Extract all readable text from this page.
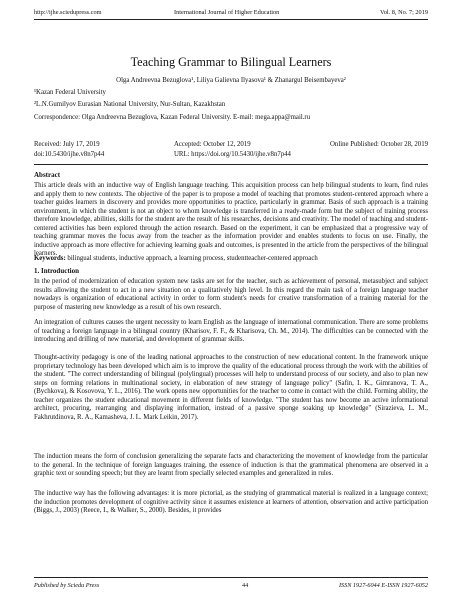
http://ijhe.sciedupress.com	International Journal of Higher Education	Vol. 8, No. 7; 2019
Teaching Grammar to Bilingual Learners
Olga Andreevna Bezuglova¹, Liliya Galievna Ilyasova¹ & Zhanargul Beisembayeva²
¹Kazan Federal University
²L.N.Gumilyov Eurasian National University, Nur-Sultan, Kazakhstan
Correspondence: Olga Andreevna Bezuglova, Kazan Federal University. E-mail: mega.appa@mail.ru
Received: July 17, 2019	Accepted: October 12, 2019	Online Published: October 28, 2019
doi:10.5430/ijhe.v8n7p44	URL: https://doi.org/10.5430/ijhe.v8n7p44
Abstract
This article deals with an inductive way of English language teaching. This acquisition process can help bilingual students to learn, find rules and apply them to new contexts. The objective of the paper is to propose a model of teaching that promotes student-centered approach where a teacher guides learners in discovery and provides more opportunities to practice, particularly in grammar. Basis of such approach is a training environment, in which the student is not an object to whom knowledge is transferred in a ready-made form but the subject of training process therefore knowledge, abilities, skills for the student are the result of his researches, decisions and creativity. The model of teaching and student-centered activities has been explored through the action research. Based on the experiment, it can be emphasized that a progressive way of teaching grammar moves the focus away from the teacher as the information provider and enables students to focus on use. Finally, the inductive approach as more effective for achieving learning goals and outcomes, is presented in the article from the perspectives of the bilingual learners.
Keywords: bilingual students, inductive approach, a learning process, studentteacher-centered approach
1. Introduction
In the period of modernization of education system new tasks are set for the teacher, such as achievement of personal, metasubject and subject results allowing the student to act in a new situation on a qualitatively high level. In this regard the main task of a foreign language teacher nowadays is organization of educational activity in order to form student's needs for creative transformation of a training material for the purpose of mastering new knowledge as a result of his own research.
An integration of cultures causes the urgent necessity to learn English as the language of international communication. There are some problems of teaching a foreign language in a bilingual country (Kharisov, F. F., & Kharisova, Ch. M., 2014). The difficulties can be connected with the introducing and drilling of new material, and development of grammar skills.
Thought-activity pedagogy is one of the leading national approaches to the construction of new educational content. In the framework unique proprietary technology has been developed which aim is to improve the quality of the educational process through the work with the abilities of the student. "The correct understanding of bilingual (polylingual) processes will help to understand process of our society, and also to plan new steps on forming relations in multinational society, in elaboration of new strategy of language policy" (Safin, I. K., Gimranova, T. A., (Bychkova), & Kosovova, Y. L., 2016). The work opens new opportunities for the teacher to come in contact with the child. Forming ability, the teacher organizes the student educational movement in different fields of knowledge. "The student has now become an active informational architect, procuring, rearranging and displaying information, instead of a passive sponge soaking up knowledge" (Sirazieva, L. M., Fakhrutdinova, R. A., Kamasheva, J. L. Mark Leikin, 2017).
The induction means the form of conclusion generalizing the separate facts and characterizing the movement of knowledge from the particular to the general. In the technique of foreign languages training, the essence of induction is that the grammatical phenomena are observed in a graphic text or sounding speech; but they are learnt from specially selected examples and generalized in rules.
The inductive way has the following advantages: it is more pictorial, as the studying of grammatical material is realized in a language context; the induction promotes development of cognitive activity since it assumes existence at learners of attention, observation and active participation (Biggs, J., 2003) (Reece, I., & Walker, S., 2000). Besides, it provides
Published by Sciedu Press	44	ISSN 1927-6044 E-ISSN 1927-6052
